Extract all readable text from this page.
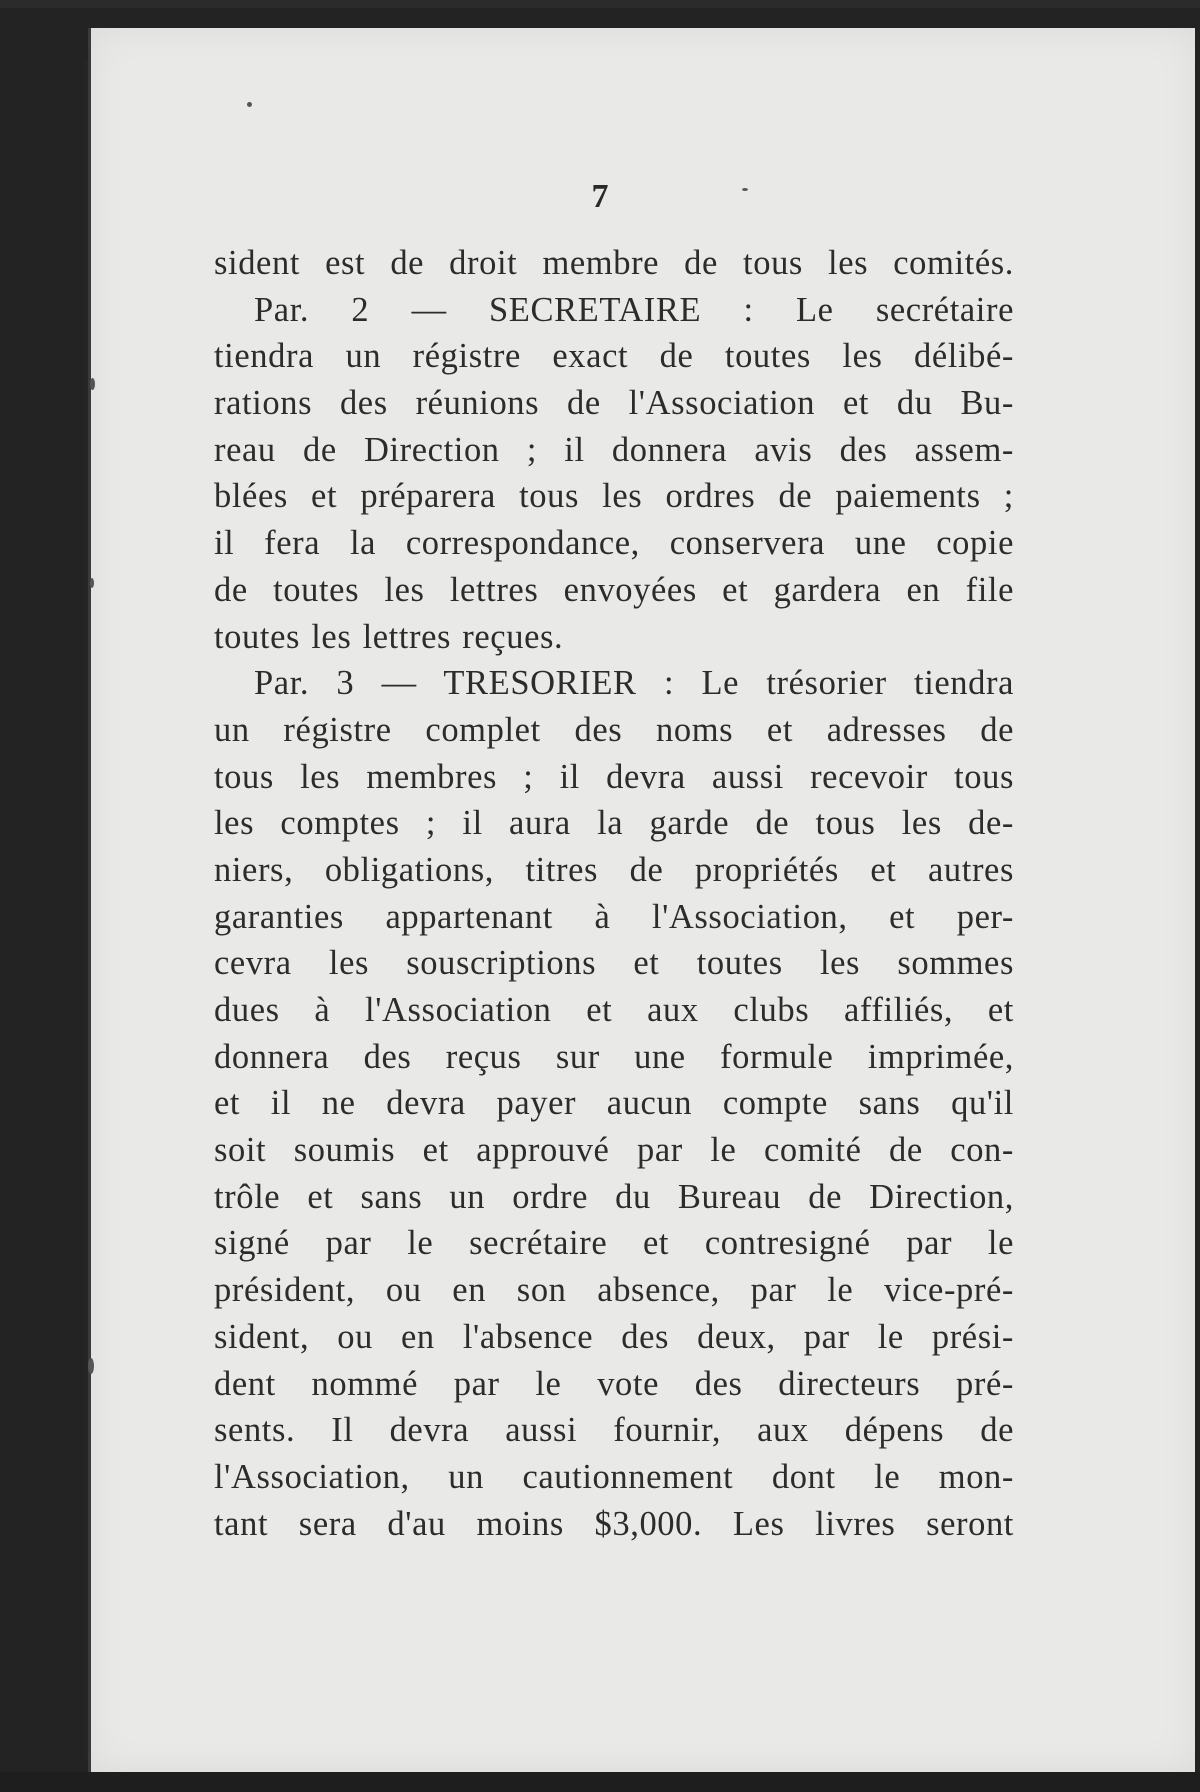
7
sident est de droit membre de tous les comités.
Par. 2 — SECRETAIRE : Le secrétaire
tiendra un régistre exact de toutes les délibé-
rations des réunions de l'Association et du Bu-
reau de Direction ; il donnera avis des assem-
blées et préparera tous les ordres de paiements ;
il fera la correspondance, conservera une copie
de toutes les lettres envoyées et gardera en file
toutes les lettres reçues.
Par. 3 — TRESORIER : Le trésorier tiendra
un régistre complet des noms et adresses de
tous les membres ; il devra aussi recevoir tous
les comptes ; il aura la garde de tous les de-
niers, obligations, titres de propriétés et autres
garanties appartenant à l'Association, et per-
cevra les souscriptions et toutes les sommes
dues à l'Association et aux clubs affiliés, et
donnera des reçus sur une formule imprimée,
et il ne devra payer aucun compte sans qu'il
soit soumis et approuvé par le comité de con-
trôle et sans un ordre du Bureau de Direction,
signé par le secrétaire et contresigné par le
président, ou en son absence, par le vice-pré-
sident, ou en l'absence des deux, par le prési-
dent nommé par le vote des directeurs pré-
sents. Il devra aussi fournir, aux dépens de
l'Association, un cautionnement dont le mon-
tant sera d'au moins $3,000. Les livres seront
